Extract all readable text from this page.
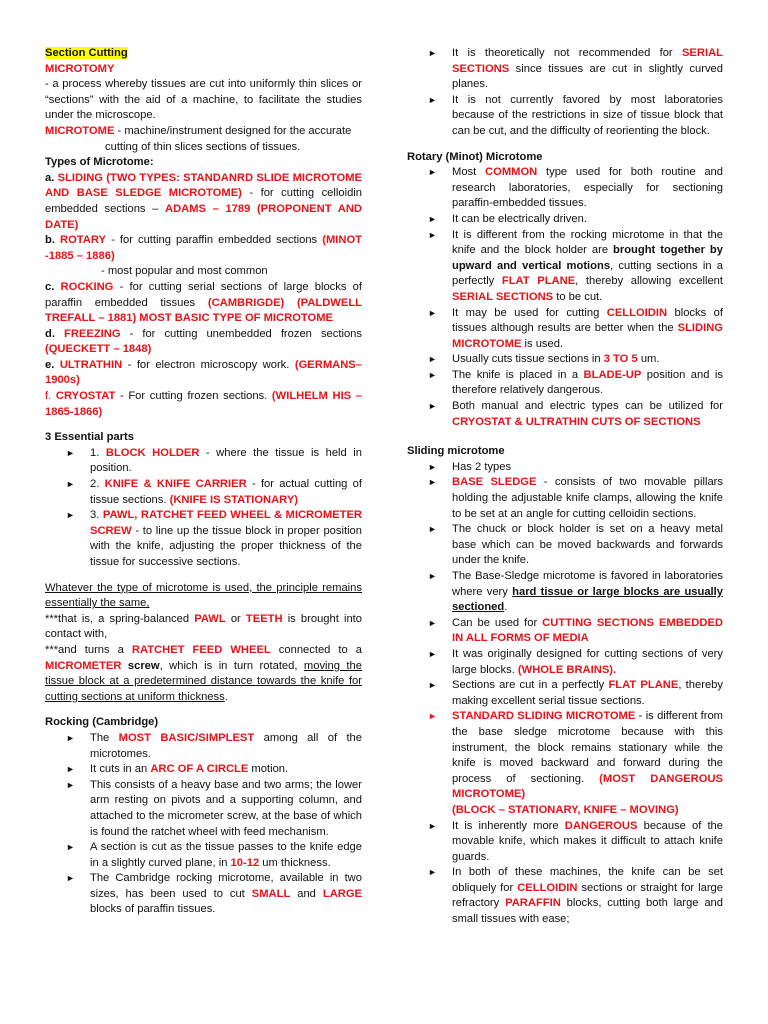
Section Cutting

MICROTOMY

- a process whereby tissues are cut into uniformly thin slices or “sections” with the aid of a machine, to facilitate the studies under the microscope.

MICROTOME - machine/instrument designed for the accurate

cutting of thin slices sections of tissues.

Types of Microtome:

a. SLIDING (TWO TYPES: STANDANRD SLIDE MICROTOME AND BASE SLEDGE MICROTOME) - for cutting celloidin embedded sections – ADAMS – 1789 (PROPONENT AND DATE)

b. ROTARY - for cutting paraffin embedded sections (MINOT -1885 – 1886)

- most popular and most common

c. ROCKING - for cutting serial sections of large blocks of paraffin embedded tissues (CAMBRIGDE) (PALDWELL TREFALL – 1881) MOST BASIC TYPE OF MICROTOME

d. FREEZING - for cutting unembedded frozen sections (QUECKETT – 1848)

e. ULTRATHIN - for electron microscopy work. (GERMANS– 1900s)

f. CRYOSTAT - For cutting frozen sections. (WILHELM HIS – 1865-1866)

3 Essential parts

► 1. BLOCK HOLDER - where the tissue is held in position.

► 2. KNIFE & KNIFE CARRIER - for actual cutting of tissue sections. (KNIFE IS STATIONARY)

► 3. PAWL, RATCHET FEED WHEEL & MICROMETER SCREW - to line up the tissue block in proper position with the knife, adjusting the proper thickness of the tissue for successive sections.

Whatever the type of microtome is used, the principle remains essentially the same,

***that is, a spring-balanced PAWL or TEETH is brought into contact with,

***and turns a RATCHET FEED WHEEL connected to a MICROMETER screw, which is in turn rotated, moving the tissue block at a predetermined distance towards the knife for cutting sections at uniform thickness.

Rocking (Cambridge)

► The MOST BASIC/SIMPLEST among all of the microtomes.

► It cuts in an ARC OF A CIRCLE motion.

► This consists of a heavy base and two arms; the lower arm resting on pivots and a supporting column, and attached to the micrometer screw, at the base of which is found the ratchet wheel with feed mechanism.

► A section is cut as the tissue passes to the knife edge in a slightly curved plane, in 10-12 um thickness.

► The Cambridge rocking microtome, available in two sizes, has been used to cut SMALL and LARGE blocks of paraffin tissues.

► It is theoretically not recommended for SERIAL SECTIONS since tissues are cut in slightly curved planes.

► It is not currently favored by most laboratories because of the restrictions in size of tissue block that can be cut, and the difficulty of reorienting the block.

Rotary (Minot) Microtome

► Most COMMON type used for both routine and research laboratories, especially for sectioning paraffin-embedded tissues.

► It can be electrically driven.

► It is different from the rocking microtome in that the knife and the block holder are brought together by upward and vertical motions, cutting sections in a perfectly FLAT PLANE, thereby allowing excellent SERIAL SECTIONS to be cut.

► It may be used for cutting CELLOIDIN blocks of tissues although results are better when the SLIDING MICROTOME is used.

► Usually cuts tissue sections in 3 TO 5 um.

► The knife is placed in a BLADE-UP position and is therefore relatively dangerous.

► Both manual and electric types can be utilized for CRYOSTAT & ULTRATHIN CUTS OF SECTIONS

Sliding microtome

► Has 2 types

► BASE SLEDGE - consists of two movable pillars holding the adjustable knife clamps, allowing the knife to be set at an angle for cutting celloidin sections.

► The chuck or block holder is set on a heavy metal base which can be moved backwards and forwards under the knife.

► The Base-Sledge microtome is favored in laboratories where very hard tissue or large blocks are usually sectioned.

► Can be used for CUTTING SECTIONS EMBEDDED IN ALL FORMS OF MEDIA

► It was originally designed for cutting sections of very large blocks. (WHOLE BRAINS).

► Sections are cut in a perfectly FLAT PLANE, thereby making excellent serial tissue sections.

► STANDARD SLIDING MICROTOME - is different from the base sledge microtome because with this instrument, the block remains stationary while the knife is moved backward and forward during the process of sectioning. (MOST DANGEROUS MICROTOME)
(BLOCK – STATIONARY, KNIFE – MOVING)

► It is inherently more DANGEROUS because of the movable knife, which makes it difficult to attach knife guards.

► In both of these machines, the knife can be set obliquely for CELLOIDIN sections or straight for large refractory PARAFFIN blocks, cutting both large and small tissues with ease;
